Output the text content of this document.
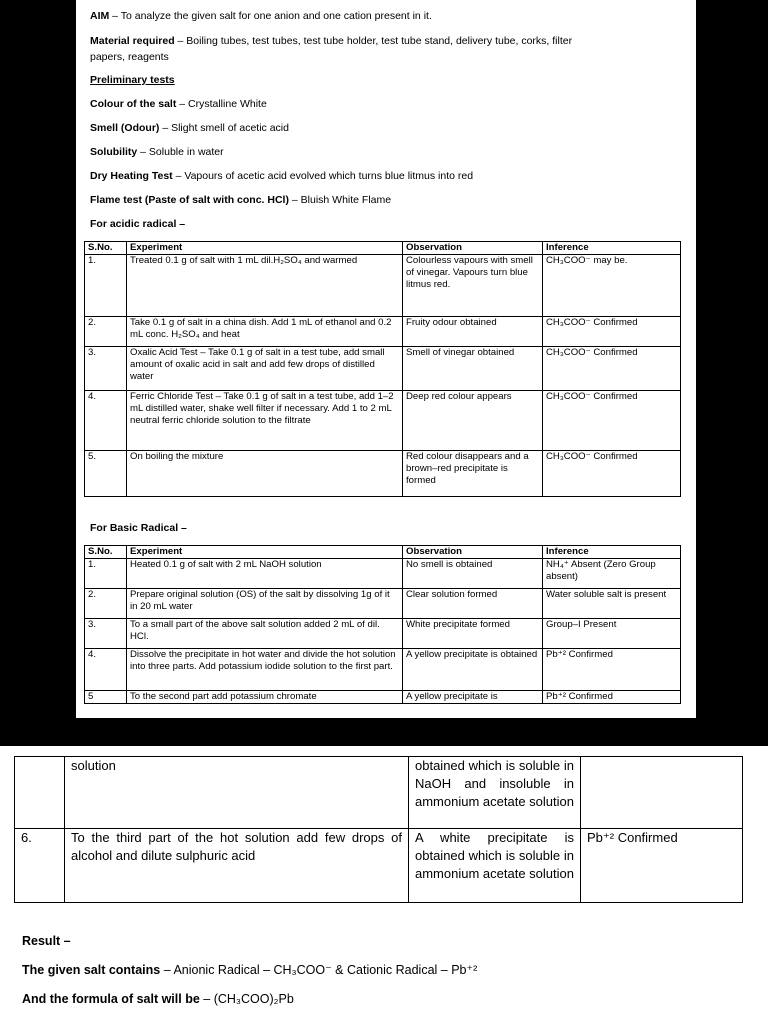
AIM – To analyze the given salt for one anion and one cation present in it.
Material required – Boiling tubes, test tubes, test tube holder, test tube stand, delivery tube, corks, filter
papers, reagents
Preliminary tests
Colour of the salt – Crystalline White
Smell (Odour) – Slight smell of acetic acid
Solubility – Soluble in water
Dry Heating Test – Vapours of acetic acid evolved which turns blue litmus into red
Flame test (Paste of salt with conc. HCl) – Bluish White Flame
For acidic radical –
S.No.	Experiment	Observation	Inference
1.	Treated 0.1 g of salt with 1 mL dil.H₂SO₄ and warmed	Colourless vapours with smell of vinegar. Vapours turn blue litmus red.	CH₃COO⁻ may be.
2.	Take 0.1 g of salt in a china dish. Add 1 mL of ethanol and 0.2 mL conc. H₂SO₄ and heat	Fruity odour obtained	CH₃COO⁻ Confirmed
3.	Oxalic Acid Test – Take 0.1 g of salt in a test tube, add small amount of oxalic acid in salt and add few drops of distilled water	Smell of vinegar obtained	CH₃COO⁻ Confirmed
4.	Ferric Chloride Test – Take 0.1 g of salt in a test tube, add 1–2 mL distilled water, shake well filter if necessary. Add 1 to 2 mL neutral ferric chloride solution to the filtrate	Deep red colour appears	CH₃COO⁻ Confirmed
5.	On boiling the mixture	Red colour disappears and a brown–red precipitate is formed	CH₃COO⁻ Confirmed
For Basic Radical –
S.No.	Experiment	Observation	Inference
1.	Heated 0.1 g of salt with 2 mL NaOH solution	No smell is obtained	NH₄⁺ Absent (Zero Group absent)
2.	Prepare original solution (OS) of the salt by dissolving 1g of it in 20 mL water	Clear solution formed	Water soluble salt is present
3.	To a small part of the above salt solution added 2 mL of dil. HCl.	White precipitate formed	Group–I Present
4.	Dissolve the precipitate in hot water and divide the hot solution into three parts. Add potassium iodide solution to the first part.	A yellow precipitate is obtained	Pb⁺² Confirmed
5	To the second part add potassium chromate	A yellow precipitate is	Pb⁺² Confirmed
	solution	obtained which is soluble in NaOH and insoluble in ammonium acetate solution	
6.	To the third part of the hot solution add few drops of alcohol and dilute sulphuric acid	A white precipitate is obtained which is soluble in ammonium acetate solution	Pb⁺² Confirmed
Result –
The given salt contains – Anionic Radical – CH₃COO⁻ & Cationic Radical – Pb⁺²
And the formula of salt will be – (CH₃COO)₂Pb
